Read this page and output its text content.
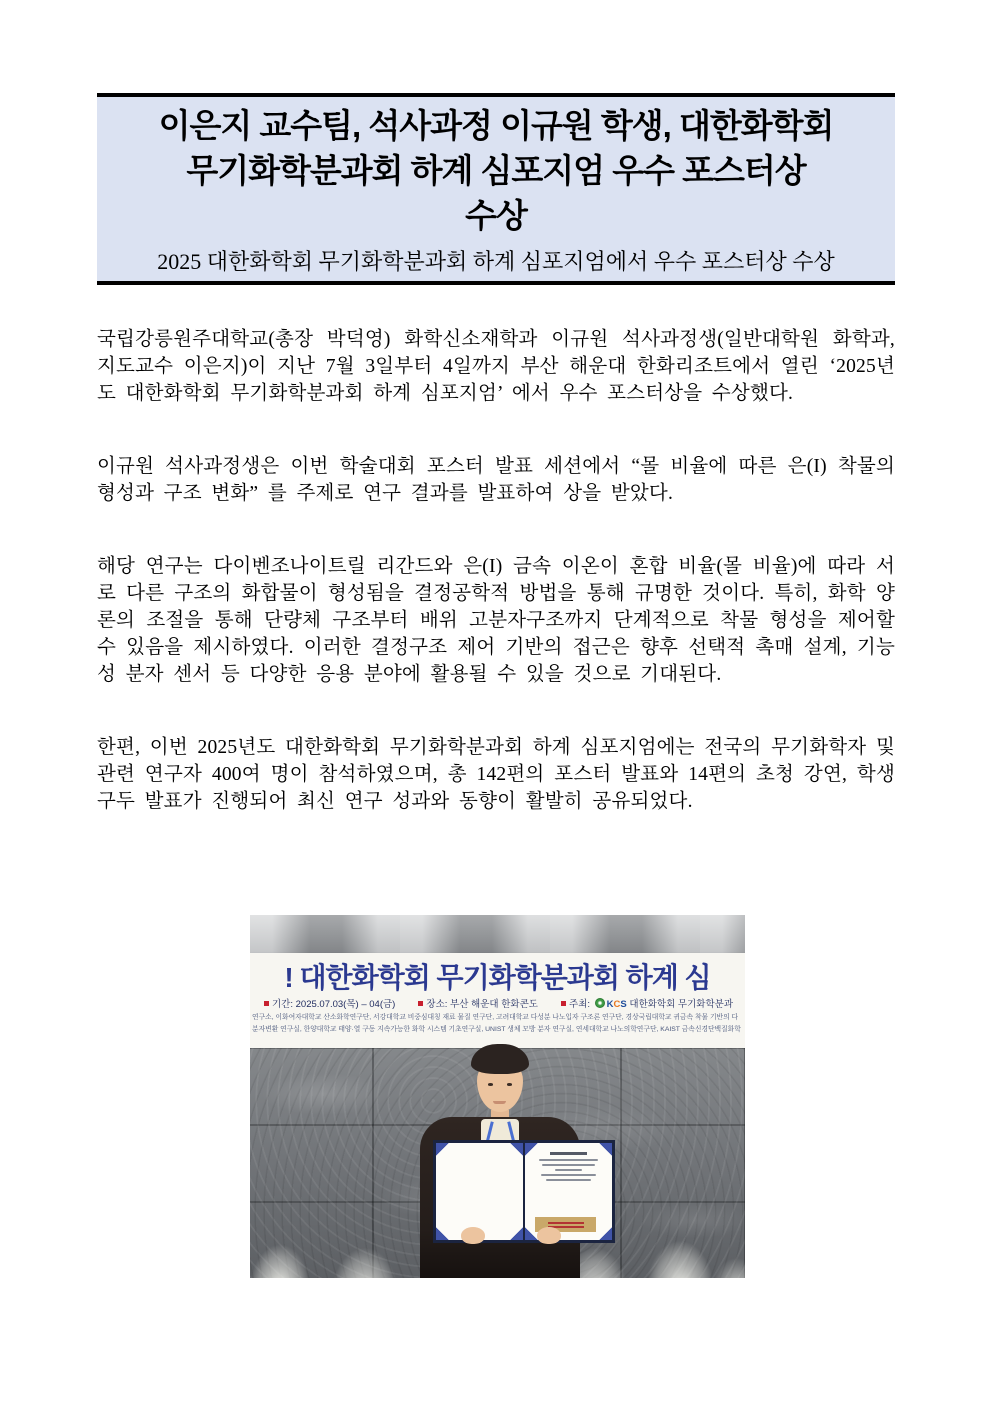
이은지 교수팀, 석사과정 이규원 학생, 대한화학회
무기화학분과회 하계 심포지엄 우수 포스터상
수상
2025 대한화학회 무기화학분과회 하계 심포지엄에서 우수 포스터상 수상

국립강릉원주대학교(총장 박덕영) 화학신소재학과 이규원 석사과정생(일반대학원 화학과, 지도교수 이은지)이 지난 7월 3일부터 4일까지 부산 해운대 한화리조트에서 열린 ‘2025년도 대한화학회 무기화학분과회 하계 심포지엄’ 에서 우수 포스터상을 수상했다.

이규원 석사과정생은 이번 학술대회 포스터 발표 세션에서 “몰 비율에 따른 은(I) 착물의 형성과 구조 변화” 를 주제로 연구 결과를 발표하여 상을 받았다.

해당 연구는 다이벤조나이트릴 리간드와 은(I) 금속 이온이 혼합 비율(몰 비율)에 따라 서로 다른 구조의 화합물이 형성됨을 결정공학적 방법을 통해 규명한 것이다. 특히, 화학 양론의 조절을 통해 단량체 구조부터 배위 고분자구조까지 단계적으로 착물 형성을 제어할 수 있음을 제시하였다. 이러한 결정구조 제어 기반의 접근은 향후 선택적 촉매 설계, 기능성 분자 센서 등 다양한 응용 분야에 활용될 수 있을 것으로 기대된다.

한편, 이번 2025년도 대한화학회 무기화학분과회 하계 심포지엄에는 전국의 무기화학자 및 관련 연구자 400여 명이 참석하였으며, 총 142편의 포스터 발표와 14편의 초청 강연, 학생 구두 발표가 진행되어 최신 연구 성과와 동향이 활발히 공유되었다.

! 대한화학회 무기화학분과회 하계 심
기간: 2025.07.03(목) – 04(금)	장소: 부산 해운대 한화콘도	주최: KCS 대한화학회 무기화학분과
연구소, 이화여자대학교 산소화학연구단, 서강대학교 비중심대칭 재료 물질 연구단, 고려대학교 다성분 나노입자 구조론 연구단, 경상국립대학교 귀금속 착물 기반의 다
분자변환 연구실, 한양대학교 태양·열 구동 지속가능한 화학 시스템 기초연구실, UNIST 생체 모방 분자 연구실, 연세대학교 나노의학연구단, KAIST 금속신경단백질화학
